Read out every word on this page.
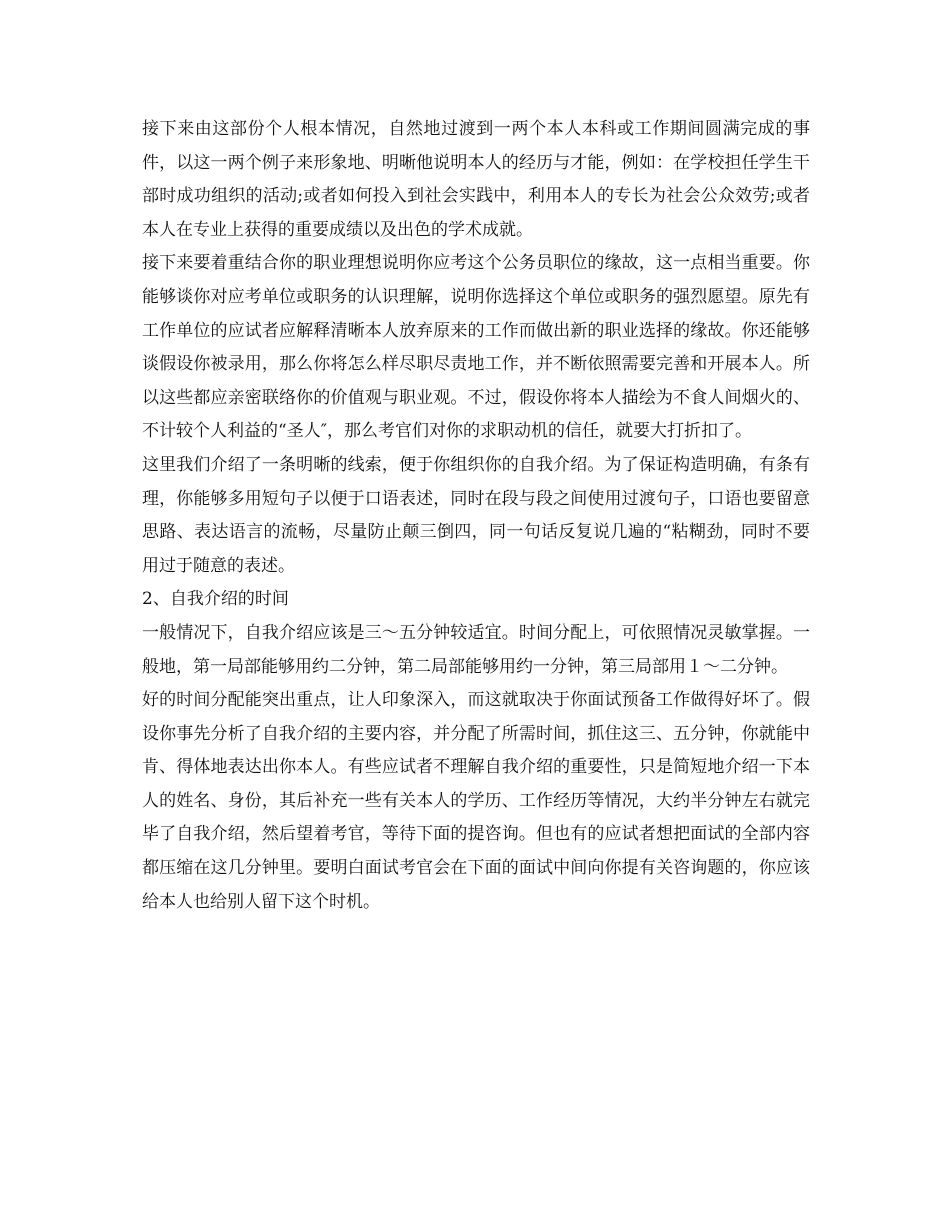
接下来由这部份个人根本情况，自然地过渡到一两个本人本科或工作期间圆满完成的事件，以这一两个例子来形象地、明晰他说明本人的经历与才能，例如：在学校担任学生干部时成功组织的活动;或者如何投入到社会实践中，利用本人的专长为社会公众效劳;或者本人在专业上获得的重要成绩以及出色的学术成就。

接下来要着重结合你的职业理想说明你应考这个公务员职位的缘故，这一点相当重要。你能够谈你对应考单位或职务的认识理解，说明你选择这个单位或职务的强烈愿望。原先有工作单位的应试者应解释清晰本人放弃原来的工作而做出新的职业选择的缘故。你还能够谈假设你被录用，那么你将怎么样尽职尽责地工作，并不断依照需要完善和开展本人。所以这些都应亲密联络你的价值观与职业观。不过，假设你将本人描绘为不食人间烟火的、不计较个人利益的“圣人″，那么考官们对你的求职动机的信任，就要大打折扣了。

这里我们介绍了一条明晰的线索，便于你组织你的自我介绍。为了保证构造明确，有条有理，你能够多用短句子以便于口语表述，同时在段与段之间使用过渡句子，口语也要留意思路、表达语言的流畅，尽量防止颠三倒四，同一句话反复说几遍的“粘糊劲，同时不要用过于随意的表述。

2、自我介绍的时间

一般情况下，自我介绍应该是三～五分钟较适宜。时间分配上，可依照情况灵敏掌握。一般地，第一局部能够用约二分钟，第二局部能够用约一分钟，第三局部用１～二分钟。

好的时间分配能突出重点，让人印象深入，而这就取决于你面试预备工作做得好坏了。假设你事先分析了自我介绍的主要内容，并分配了所需时间，抓住这三、五分钟，你就能中肯、得体地表达出你本人。有些应试者不理解自我介绍的重要性，只是简短地介绍一下本人的姓名、身份，其后补充一些有关本人的学历、工作经历等情况，大约半分钟左右就完毕了自我介绍，然后望着考官，等待下面的提咨询。但也有的应试者想把面试的全部内容都压缩在这几分钟里。要明白面试考官会在下面的面试中间向你提有关咨询题的，你应该给本人也给别人留下这个时机。
